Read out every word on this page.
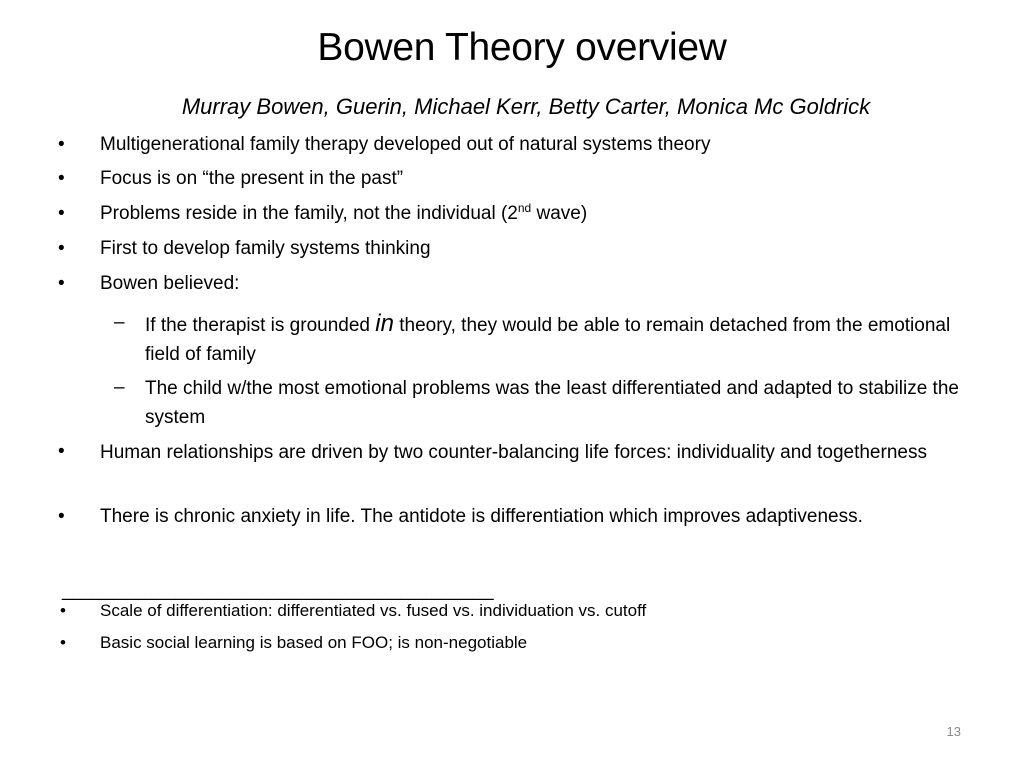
Bowen Theory overview
Murray Bowen, Guerin, Michael Kerr, Betty Carter, Monica Mc Goldrick
•	Multigenerational family therapy developed out of natural systems theory
•	Focus is on “the present in the past”
•	Problems reside in the family, not the individual (2nd wave)
•	First to develop family systems thinking
•	Bowen believed:
– If the therapist is grounded in theory, they would be able to remain detached from the emotional field of family
– The child w/the most emotional problems was the least differentiated and adapted to stabilize the system
•	Human relationships are driven by two counter-balancing life forces: individuality and togetherness
•	There is chronic anxiety in life. The antidote is differentiation which improves adaptiveness.
__________________________________________
• Scale of differentiation: differentiated vs. fused vs. individuation vs. cutoff
• Basic social learning is based on FOO; is non-negotiable
13
